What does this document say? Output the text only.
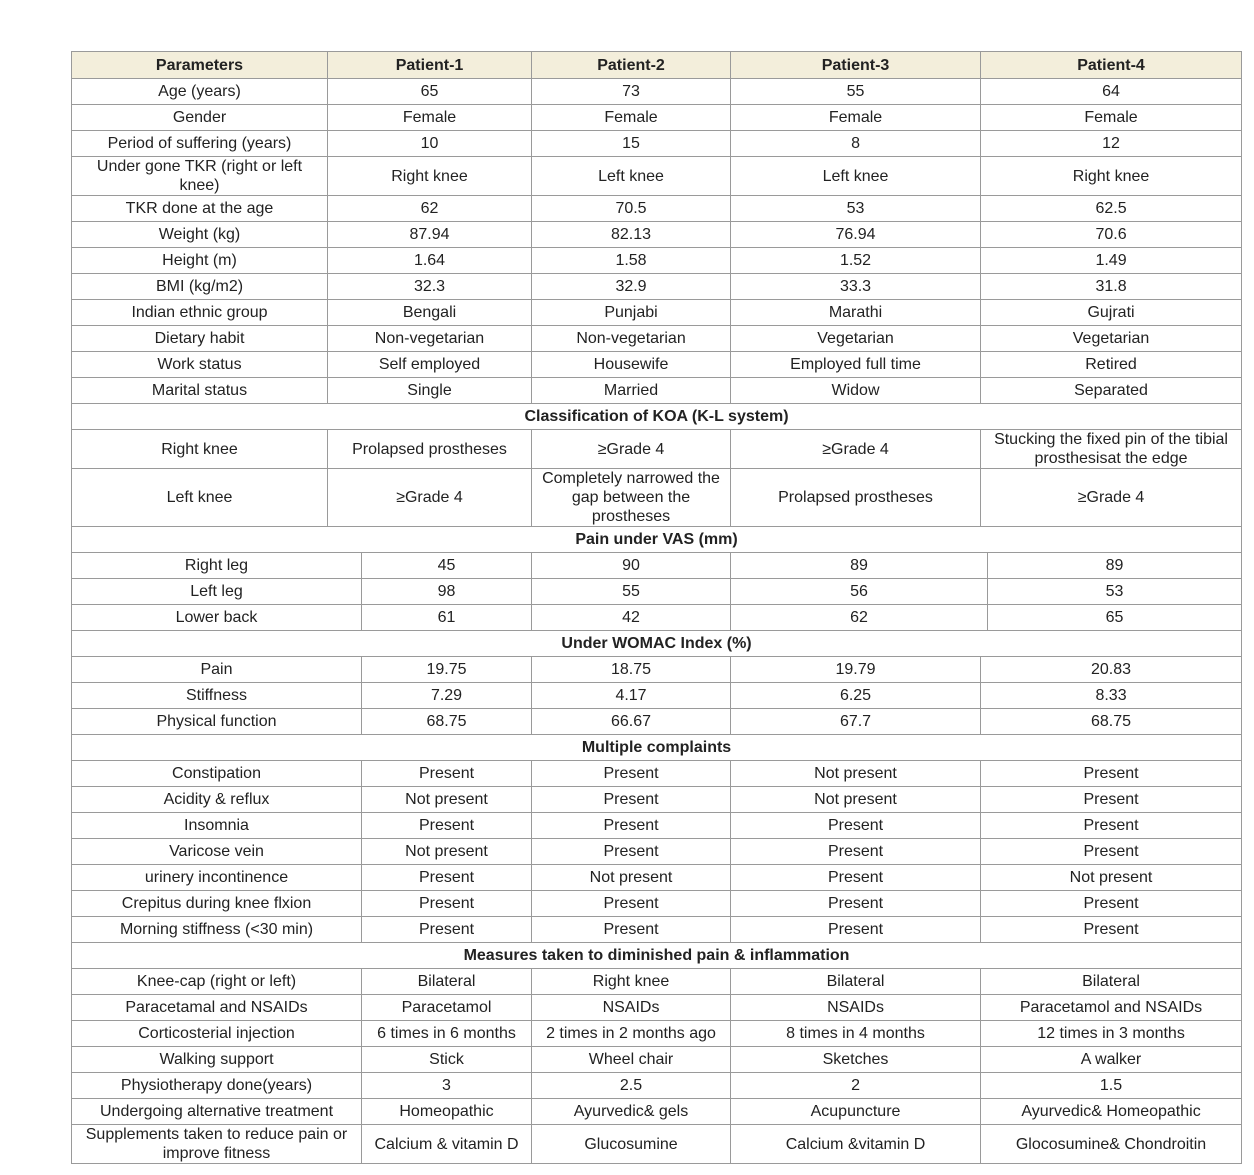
Parameters	Patient-1		Patient-2	Patient-3	Patient-4	
Age (years)	65		73	55	64	
Gender	Female		Female	Female	Female	
Period of suffering (years)	10		15	8	12	
Under gone TKR (right or left knee)	Right knee		Left knee	Left knee	Right knee	
TKR done at the age	62		70.5	53	62.5	
Weight (kg)	87.94		82.13	76.94	70.6	
Height (m)	1.64		1.58	1.52	1.49	
BMI (kg/m2)	32.3		32.9	33.3	31.8	
Indian ethnic group	Bengali		Punjabi	Marathi	Gujrati	
Dietary habit	Non-vegetarian		Non-vegetarian	Vegetarian	Vegetarian	
Work status	Self employed		Housewife	Employed full time	Retired	
Marital status	Single		Married	Widow	Separated	
Classification of KOA (K-L system)						
Right knee	Prolapsed prostheses		≥Grade 4	≥Grade 4	Stucking the fixed pin of the tibial prosthesisat the edge	
Left knee	≥Grade 4		Completely narrowed the gap between the prostheses	Prolapsed prostheses	≥Grade 4	
Pain under VAS (mm)						
Right leg		45	90	89		89
Left leg		98	55	56		53
Lower back		61	42	62		65
Under WOMAC Index (%)						
Pain		19.75	18.75	19.79	20.83	
Stiffness		7.29	4.17	6.25	8.33	
Physical function		68.75	66.67	67.7	68.75	
Multiple complaints						
Constipation		Present	Present	Not present	Present	
Acidity & reflux		Not present	Present	Not present	Present	
Insomnia		Present	Present	Present	Present	
Varicose vein		Not present	Present	Present	Present	
urinery incontinence		Present	Not present	Present	Not present	
Crepitus during knee flxion		Present	Present	Present	Present	
Morning stiffness (<30 min)		Present	Present	Present	Present	
Measures taken to diminished pain & inflammation						
Knee-cap (right or left)		Bilateral	Right knee	Bilateral	Bilateral	
Paracetamal and NSAIDs		Paracetamol	NSAIDs	NSAIDs	Paracetamol and NSAIDs	
Corticosterial injection		6 times in 6 months	2 times in 2 months ago	8 times in 4 months	12 times in 3 months	
Walking support		Stick	Wheel chair	Sketches	A walker	
Physiotherapy done(years)		3	2.5	2	1.5	
Undergoing alternative treatment		Homeopathic	Ayurvedic& gels	Acupuncture	Ayurvedic& Homeopathic	
Supplements taken to reduce pain or improve fitness		Calcium & vitamin D	Glucosumine	Calcium &vitamin D	Glocosumine& Chondroitin	
